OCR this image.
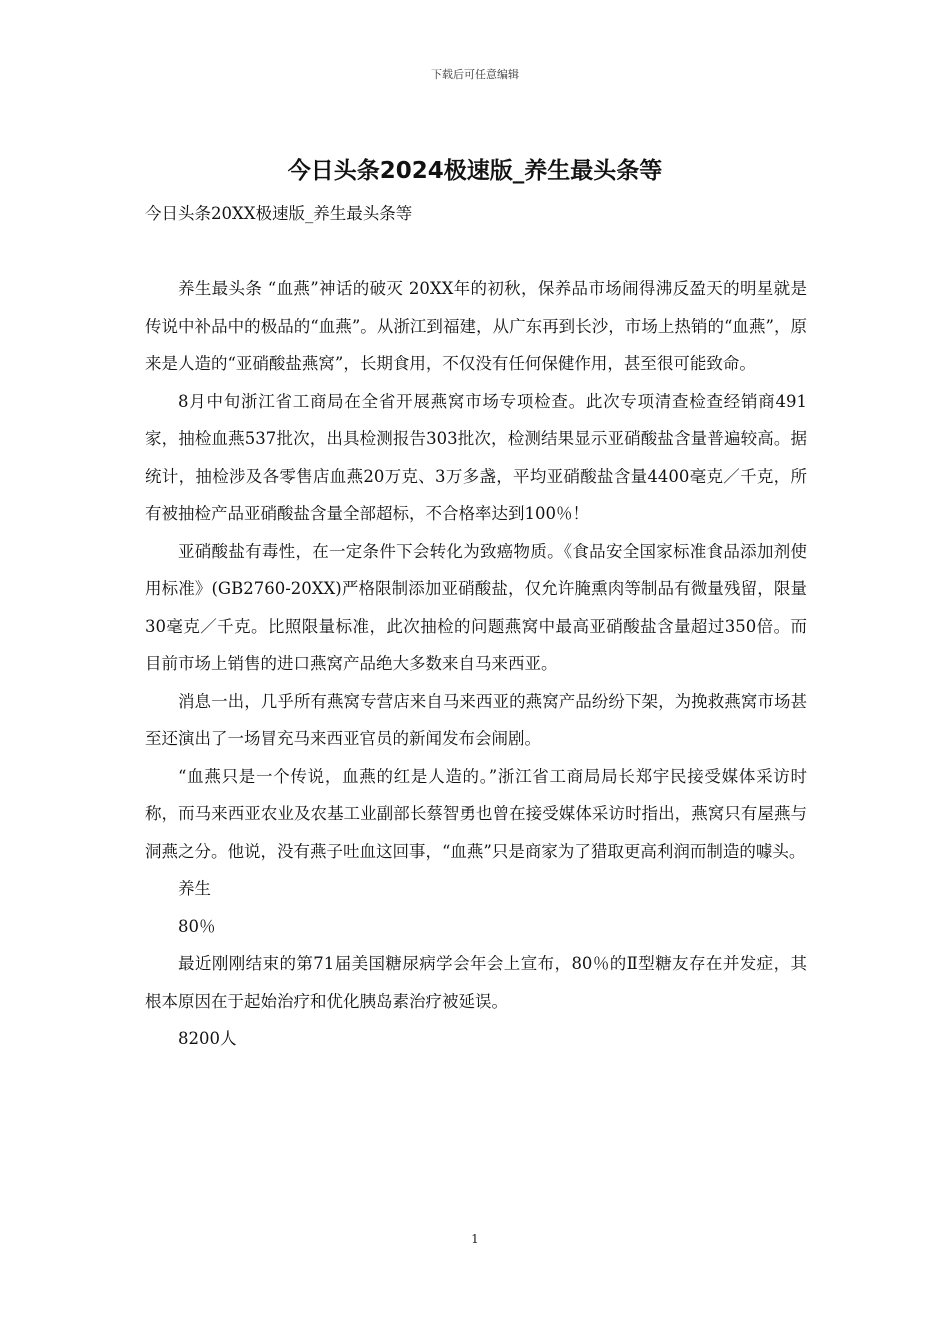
下载后可任意编辑
今日头条2024极速版_养生最头条等

今日头条20XX极速版_养生最头条等

养生最头条 “血燕”神话的破灭 20XX年的初秋，保养品市场闹得沸反盈天的明星就是传说中补品中的极品的“血燕”。从浙江到福建，从广东再到长沙，市场上热销的“血燕”，原来是人造的“亚硝酸盐燕窝”，长期食用，不仅没有任何保健作用，甚至很可能致命。

8月中旬浙江省工商局在全省开展燕窝市场专项检查。此次专项清查检查经销商491家，抽检血燕537批次，出具检测报告303批次，检测结果显示亚硝酸盐含量普遍较高。据统计，抽检涉及各零售店血燕20万克、3万多盏，平均亚硝酸盐含量4400毫克／千克，所有被抽检产品亚硝酸盐含量全部超标，不合格率达到100％！

亚硝酸盐有毒性，在一定条件下会转化为致癌物质。《食品安全国家标准食品添加剂使用标准》(GB2760-20XX)严格限制添加亚硝酸盐，仅允许腌熏肉等制品有微量残留，限量30毫克／千克。比照限量标准，此次抽检的问题燕窝中最高亚硝酸盐含量超过350倍。而目前市场上销售的进口燕窝产品绝大多数来自马来西亚。

消息一出，几乎所有燕窝专营店来自马来西亚的燕窝产品纷纷下架，为挽救燕窝市场甚至还演出了一场冒充马来西亚官员的新闻发布会闹剧。

“血燕只是一个传说，血燕的红是人造的。”浙江省工商局局长郑宇民接受媒体采访时称，而马来西亚农业及农基工业副部长蔡智勇也曾在接受媒体采访时指出，燕窝只有屋燕与洞燕之分。他说，没有燕子吐血这回事，“血燕”只是商家为了猎取更高利润而制造的噱头。

养生

80％

最近刚刚结束的第71届美国糖尿病学会年会上宣布，80％的Ⅱ型糖友存在并发症，其根本原因在于起始治疗和优化胰岛素治疗被延误。

8200人

1
